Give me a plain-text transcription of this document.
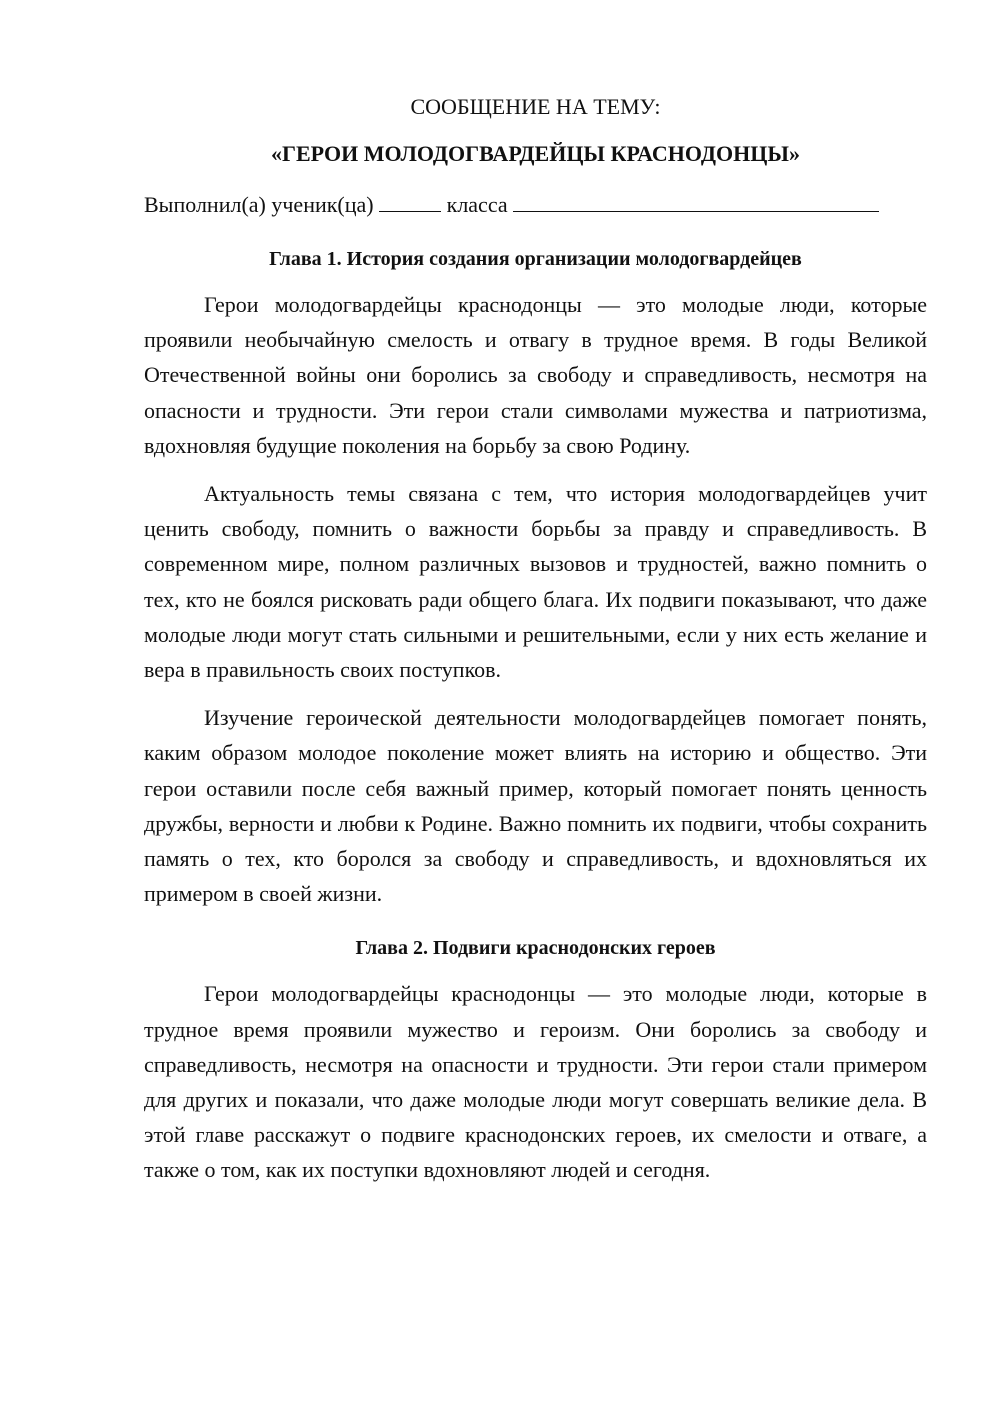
СООБЩЕНИЕ НА ТЕМУ:

«ГЕРОИ МОЛОДОГВАРДЕЙЦЫ КРАСНОДОНЦЫ»

Выполнил(а) ученик(ца)	класса

Глава 1. История создания организации молодогвардейцев

Герои молодогвардейцы краснодонцы — это молодые люди, которые проявили необычайную смелость и отвагу в трудное время. В годы Великой Отечественной войны они боролись за свободу и справедливость, несмотря на опасности и трудности. Эти герои стали символами мужества и патриотизма, вдохновляя будущие поколения на борьбу за свою Родину.

Актуальность темы связана с тем, что история молодогвардейцев учит ценить свободу, помнить о важности борьбы за правду и справедливость. В современном мире, полном различных вызовов и трудностей, важно помнить о тех, кто не боялся рисковать ради общего блага. Их подвиги показывают, что даже молодые люди могут стать сильными и решительными, если у них есть желание и вера в правильность своих поступков.

Изучение героической деятельности молодогвардейцев помогает понять, каким образом молодое поколение может влиять на историю и общество. Эти герои оставили после себя важный пример, который помогает понять ценность дружбы, верности и любви к Родине. Важно помнить их подвиги, чтобы сохранить память о тех, кто боролся за свободу и справедливость, и вдохновляться их примером в своей жизни.

Глава 2. Подвиги краснодонских героев

Герои молодогвардейцы краснодонцы — это молодые люди, которые в трудное время проявили мужество и героизм. Они боролись за свободу и справедливость, несмотря на опасности и трудности. Эти герои стали примером для других и показали, что даже молодые люди могут совершать великие дела. В этой главе расскажут о подвиге краснодонских героев, их смелости и отваге, а также о том, как их поступки вдохновляют людей и сегодня.
